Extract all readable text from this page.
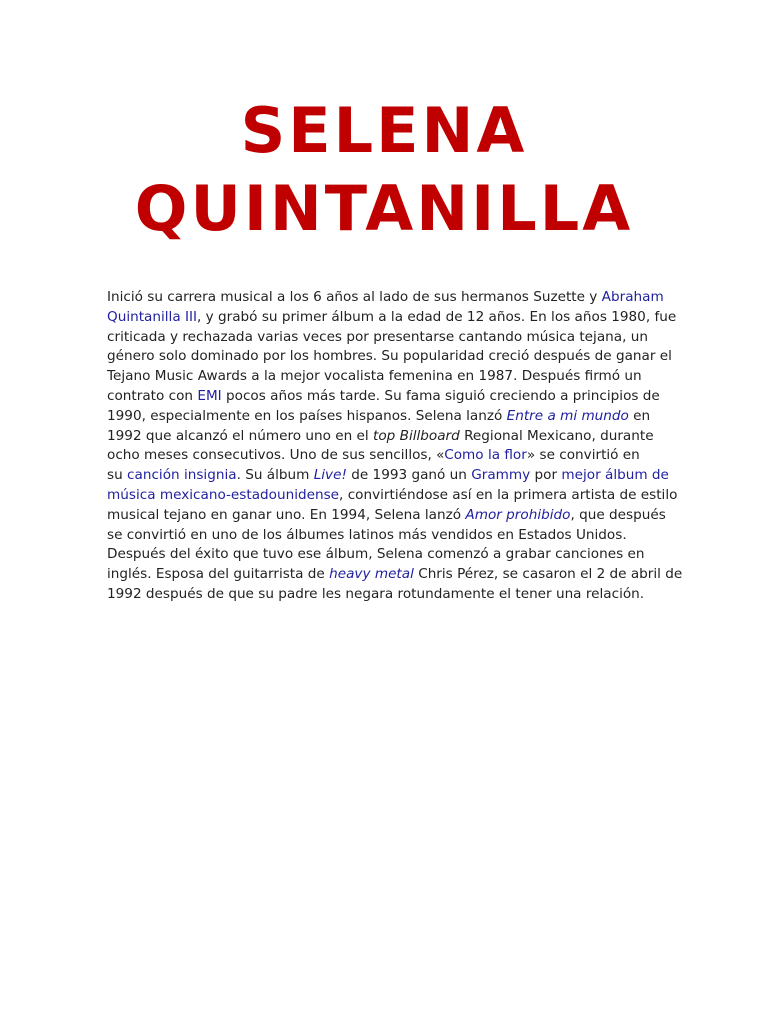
SELENA
QUINTANILLA

Inició su carrera musical a los 6 años al lado de sus hermanos Suzette y Abraham
Quintanilla III, y grabó su primer álbum a la edad de 12 años. En los años 1980, fue
criticada y rechazada varias veces por presentarse cantando música tejana, un
género solo dominado por los hombres. Su popularidad creció después de ganar el
Tejano Music Awards a la mejor vocalista femenina en 1987. Después firmó un
contrato con EMI pocos años más tarde. Su fama siguió creciendo a principios de
1990, especialmente en los países hispanos. Selena lanzó Entre a mi mundo en
1992 que alcanzó el número uno en el top Billboard Regional Mexicano, durante
ocho meses consecutivos. Uno de sus sencillos, «Como la flor» se convirtió en
su canción insignia. Su álbum Live! de 1993 ganó un Grammy por mejor álbum de
música mexicano-estadounidense, convirtiéndose así en la primera artista de estilo
musical tejano en ganar uno. En 1994, Selena lanzó Amor prohibido, que después
se convirtió en uno de los álbumes latinos más vendidos en Estados Unidos.
Después del éxito que tuvo ese álbum, Selena comenzó a grabar canciones en
inglés. Esposa del guitarrista de heavy metal Chris Pérez, se casaron el 2 de abril de
1992 después de que su padre les negara rotundamente el tener una relación.
